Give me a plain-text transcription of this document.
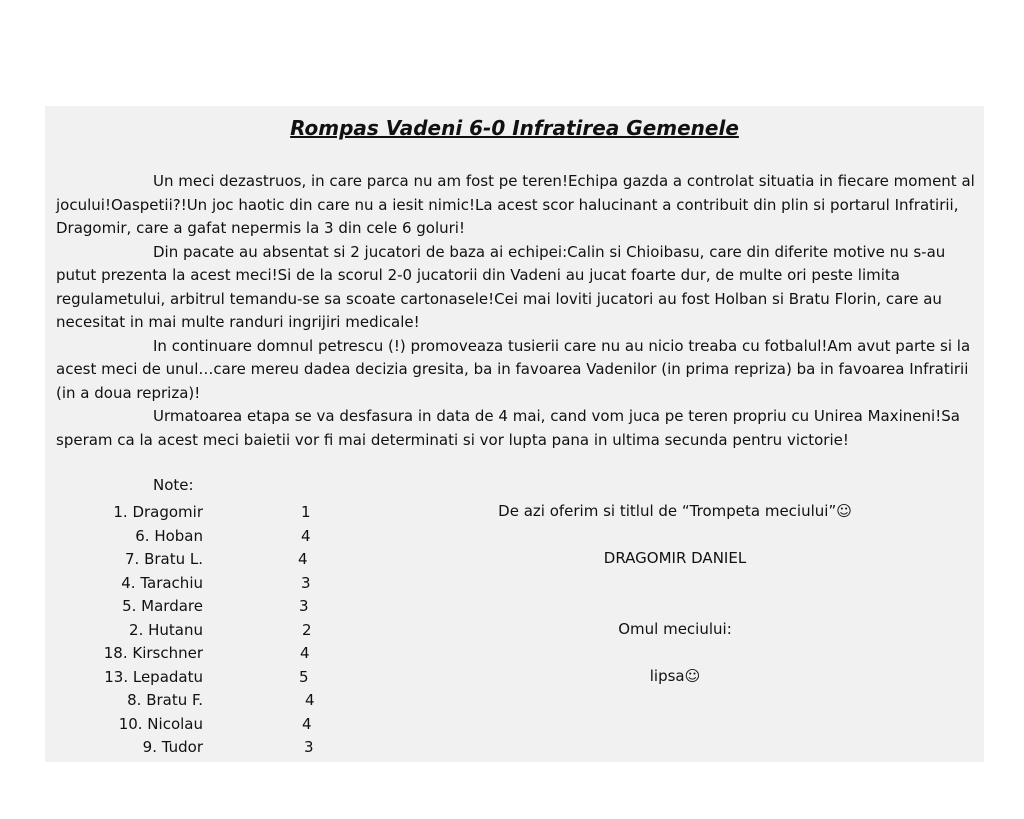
Rompas Vadeni 6-0 Infratirea Gemenele

Un meci dezastruos, in care parca nu am fost pe teren!Echipa gazda a controlat situatia in fiecare moment al jocului!Oaspetii?!Un joc haotic din care nu a iesit nimic!La acest scor halucinant a contribuit din plin si portarul Infratirii, Dragomir, care a gafat nepermis la 3 din cele 6 goluri!

Din pacate au absentat si 2 jucatori de baza ai echipei:Calin si Chioibasu, care din diferite motive nu s-au putut prezenta la acest meci!Si de la scorul 2-0 jucatorii din Vadeni au jucat foarte dur, de multe ori peste limita regulametului, arbitrul temandu-se sa scoate cartonasele!Cei mai loviti jucatori au fost Holban si Bratu Florin, care au necesitat in mai multe randuri ingrijiri medicale!

In continuare domnul petrescu (!) promoveaza tusierii care nu au nicio treaba cu fotbalul!Am avut parte si la acest meci de unul…care mereu dadea decizia gresita, ba in favoarea Vadenilor (in prima repriza) ba in favoarea Infratirii (in a doua repriza)!

Urmatoarea etapa se va desfasura in data de 4 mai, cand vom juca pe teren propriu cu Unirea Maxineni!Sa speram ca la acest meci baietii vor fi mai determinati si vor lupta pana in ultima secunda pentru victorie!

Note:
1. Dragomir	1
6. Hoban	4
7. Bratu L.	4
4. Tarachiu	3
5. Mardare	3
2. Hutanu	2
18. Kirschner	4
13. Lepadatu	5
8. Bratu F.	4
10. Nicolau	4
9. Tudor	3
De azi oferim si titlul de “Trompeta meciului”☺
DRAGOMIR DANIEL
Omul meciului:
lipsa☺
